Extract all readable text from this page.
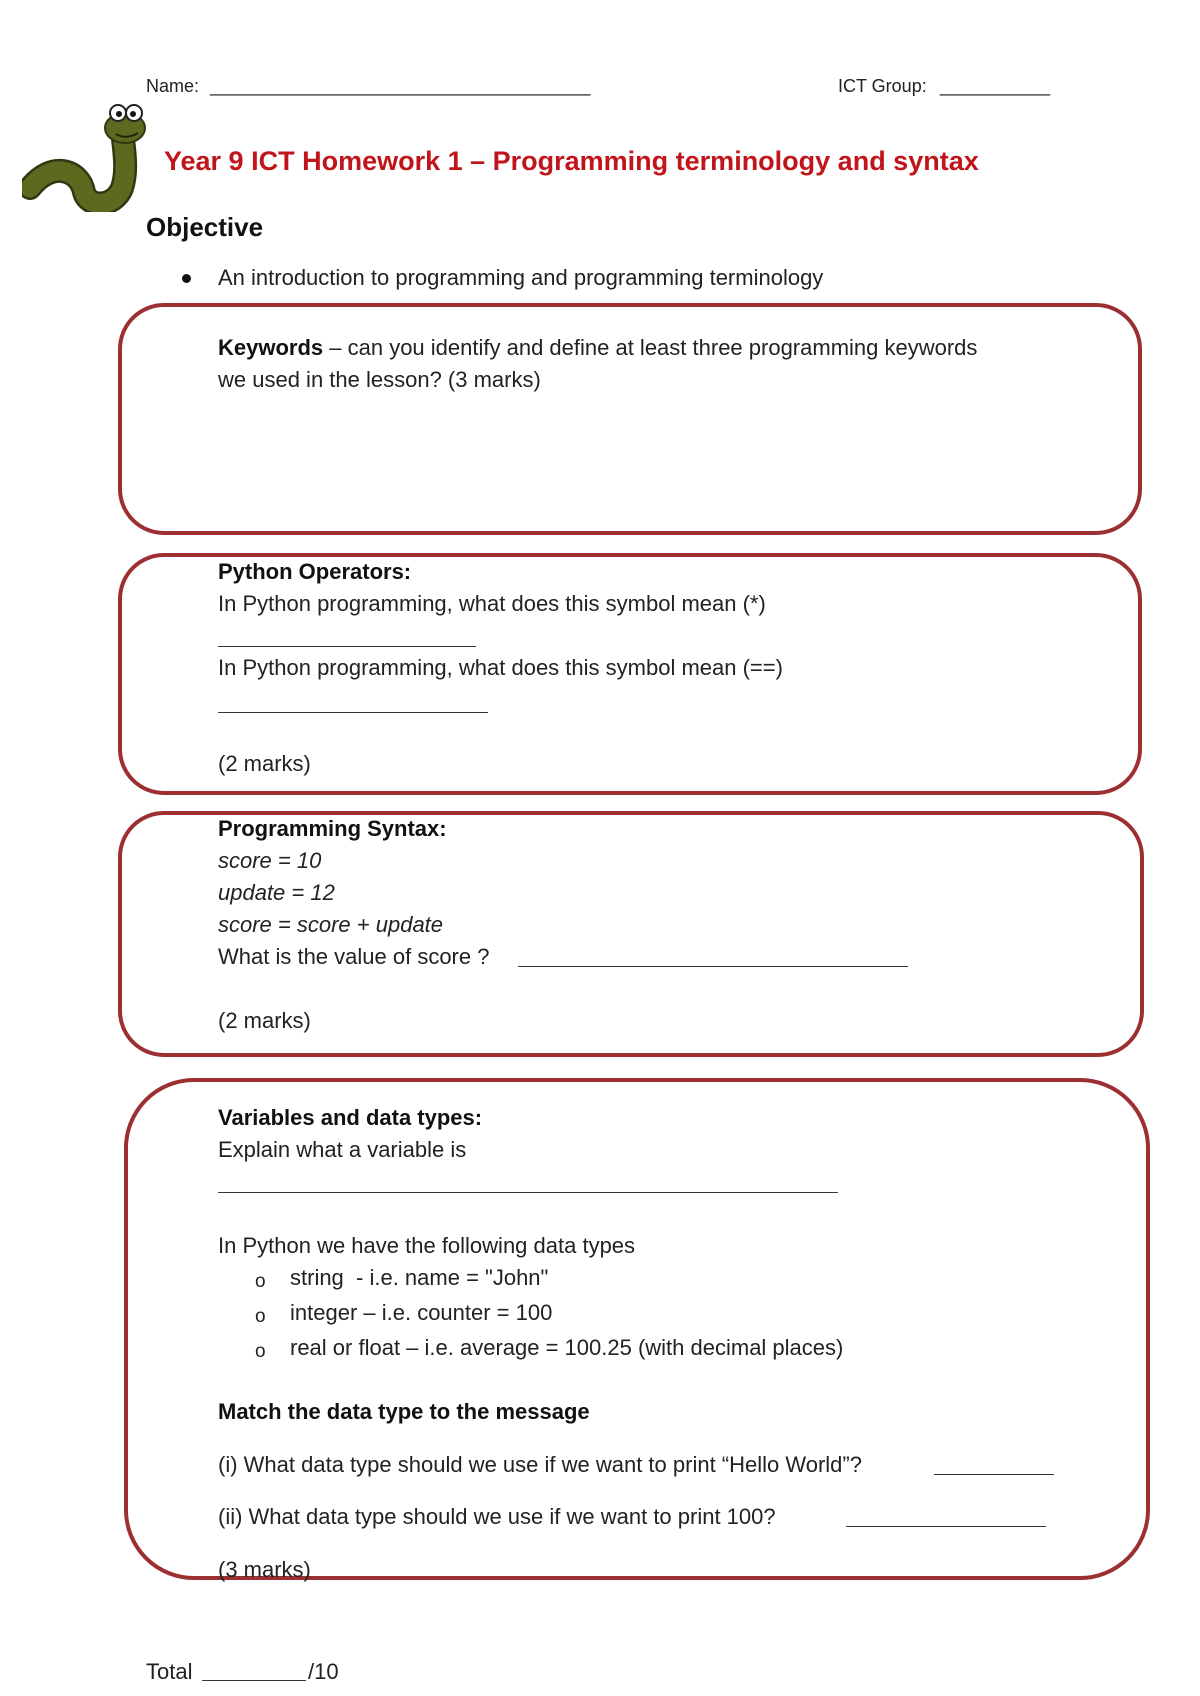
Name: ______________________________________	ICT Group: ___________
Year 9 ICT Homework 1 – Programming terminology and syntax
Objective
An introduction to programming and programming terminology
Keywords – can you identify and define at least three programming keywords
we used in the lesson? (3 marks)
Python Operators:
In Python programming, what does this symbol mean (*)
In Python programming, what does this symbol mean (==)
(2 marks)
Programming Syntax:
score = 10
update = 12
score = score + update
What is the value of score ?
(2 marks)
Variables and data types:
Explain what a variable is
In Python we have the following data types
o string  - i.e. name = "John"
o integer – i.e. counter = 100
o real or float – i.e. average = 100.25 (with decimal places)
Match the data type to the message
(i) What data type should we use if we want to print “Hello World”?
(ii) What data type should we use if we want to print 100?
(3 marks)
Total	/10
